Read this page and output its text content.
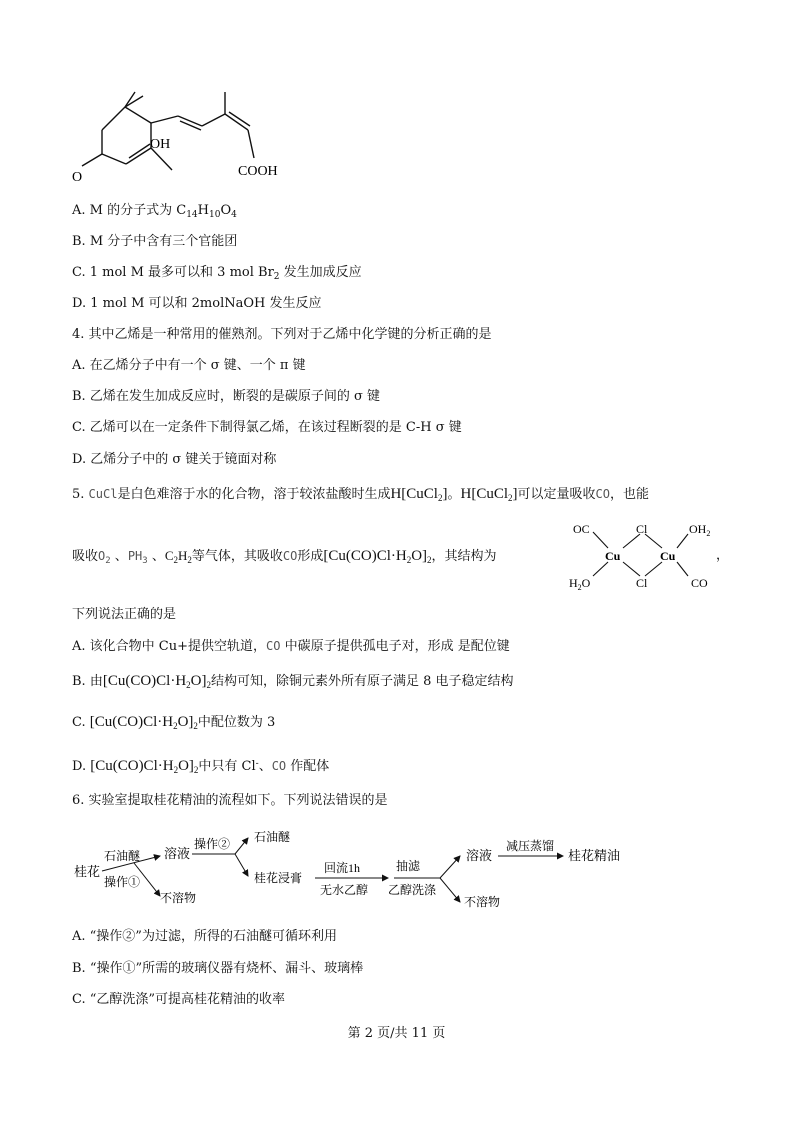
OH
O	COOH
A. M 的分子式为 $C_{14}H_{10}O_4$
B. M 分子中含有三个官能团
C. 1 mol M 最多可以和 3 mol $Br_2$ 发生加成反应
D. 1 mol M 可以和 2molNaOH 发生反应
4. 其中乙烯是一种常用的催熟剂。下列对于乙烯中化学键的分析正确的是
A. 在乙烯分子中有一个 σ 键、一个 π 键
B. 乙烯在发生加成反应时，断裂的是碳原子间的 σ 键
C. 乙烯可以在一定条件下制得氯乙烯，在该过程断裂的是 C-H σ 键
D. 乙烯分子中的 σ 键关于镜面对称
5. CuCl是白色难溶于水的化合物，溶于较浓盐酸时生成H[CuCl$_2$]。H[CuCl$_2$]可以定量吸收CO，也能
吸收$O_2$ 、$PH_3$ 、$C_2H_2$等气体，其吸收CO形成$[Cu(CO)Cl\cdot H_2O]_2$，其结构为
OC	Cl	$OH_2$
Cu	Cu
$H_2O$	Cl	CO
，
下列说法正确的是
A. 该化合物中 Cu+提供空轨道，CO 中碳原子提供孤电子对，形成 是配位键
B. 由$[Cu(CO)Cl\cdot H_2O]_2$结构可知，除铜元素外所有原子满足 8 电子稳定结构
C. $[Cu(CO)Cl\cdot H_2O]_2$中配位数为 3
D. $[Cu(CO)Cl\cdot H_2O]_2$中只有 Cl-、CO 作配体
6. 实验室提取桂花精油的流程如下。下列说法错误的是
桂花
石油醚
操作①
溶液
操作②
不溶物
石油醚
桂花浸膏
回流1h
无水乙醇
抽滤
乙醇洗涤
溶液
不溶物
减压蒸馏
桂花精油
A. “操作②”为过滤，所得的石油醚可循环利用
B. “操作①”所需的玻璃仪器有烧杯、漏斗、玻璃棒
C. “乙醇洗涤”可提高桂花精油的收率
第 2 页/共 11 页
